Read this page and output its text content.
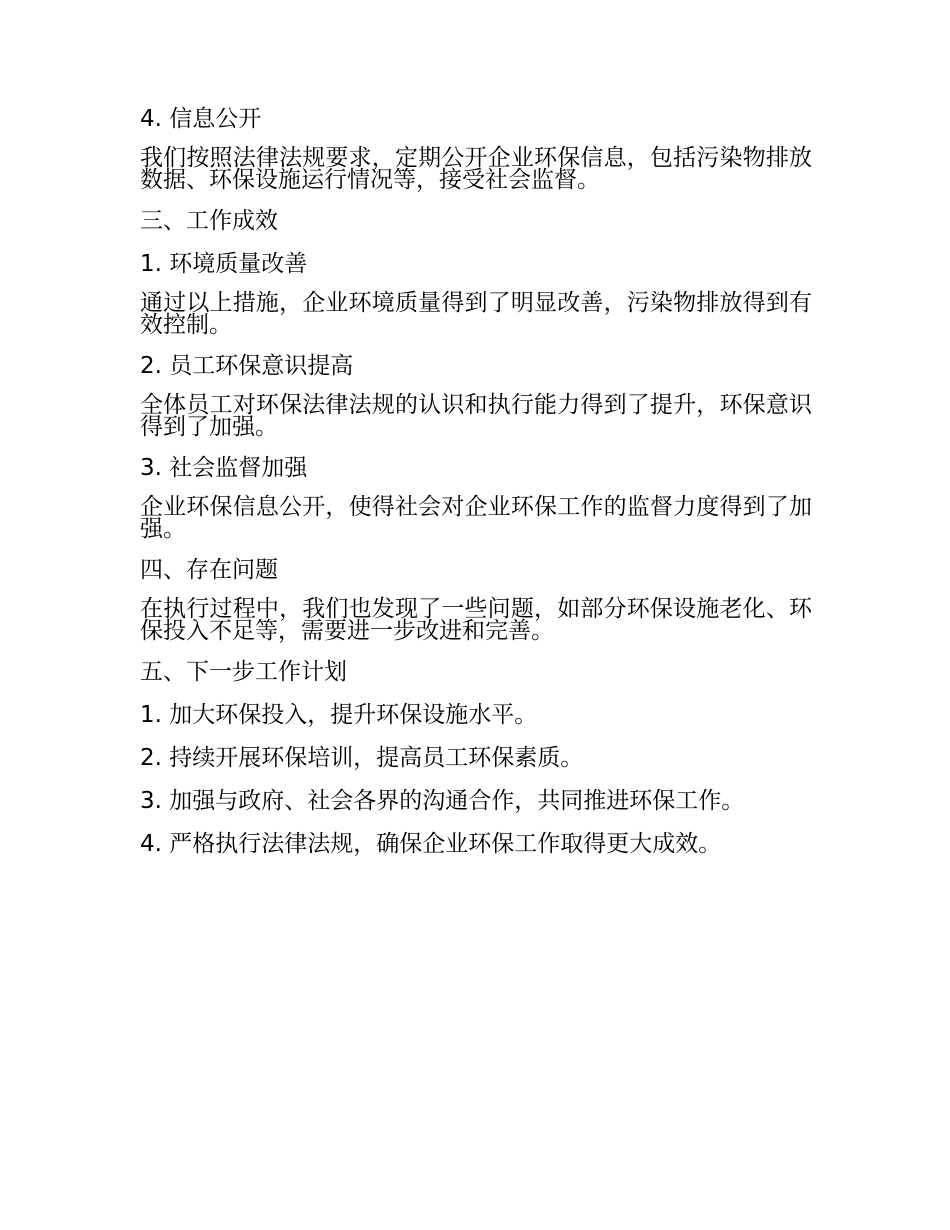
4. 信息公开
我们按照法律法规要求，定期公开企业环保信息，包括污染物排放数据、环保设施运行情况等，接受社会监督。
三、工作成效
1. 环境质量改善
通过以上措施，企业环境质量得到了明显改善，污染物排放得到有效控制。
2. 员工环保意识提高
全体员工对环保法律法规的认识和执行能力得到了提升，环保意识得到了加强。
3. 社会监督加强
企业环保信息公开，使得社会对企业环保工作的监督力度得到了加强。
四、存在问题
在执行过程中，我们也发现了一些问题，如部分环保设施老化、环保投入不足等，需要进一步改进和完善。
五、下一步工作计划
1. 加大环保投入，提升环保设施水平。
2. 持续开展环保培训，提高员工环保素质。
3. 加强与政府、社会各界的沟通合作，共同推进环保工作。
4. 严格执行法律法规，确保企业环保工作取得更大成效。
